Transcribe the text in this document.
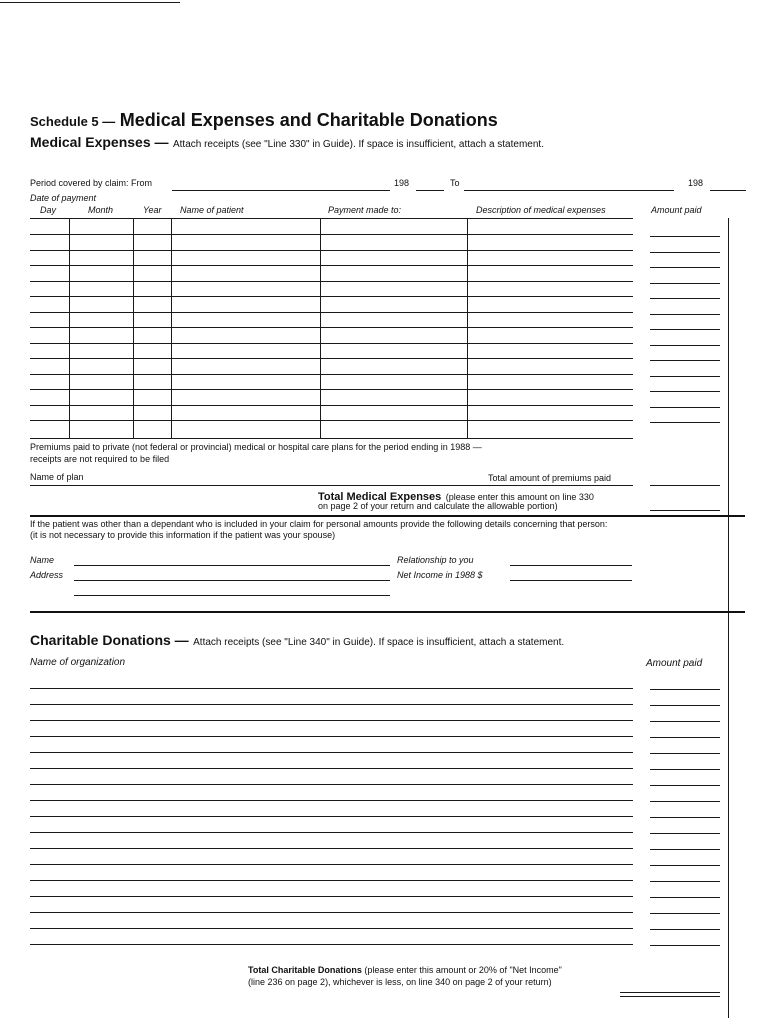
Schedule 5 — Medical Expenses and Charitable Donations
Medical Expenses — Attach receipts (see "Line 330" in Guide). If space is insufficient, attach a statement.
Period covered by claim: From	198	To	198
Date of payment
Day	Month	Year Name of patient	Payment made to:	Description of medical expenses	Amount paid
Premiums paid to private (not federal or provincial) medical or hospital care plans for the period ending in 1988 —
receipts are not required to be filed
Name of plan	Total amount of premiums paid
Total Medical Expenses (please enter this amount on line 330
on page 2 of your return and calculate the allowable portion)
If the patient was other than a dependant who is included in your claim for personal amounts provide the following details concerning that person:
(it is not necessary to provide this information if the patient was your spouse)
Name	Relationship to you
Address	Net Income in 1988 $
Charitable Donations — Attach receipts (see "Line 340" in Guide). If space is insufficient, attach a statement.
Name of organization	Amount paid
Total Charitable Donations (please enter this amount or 20% of "Net Income"
(line 236 on page 2), whichever is less, on line 340 on page 2 of your return)
